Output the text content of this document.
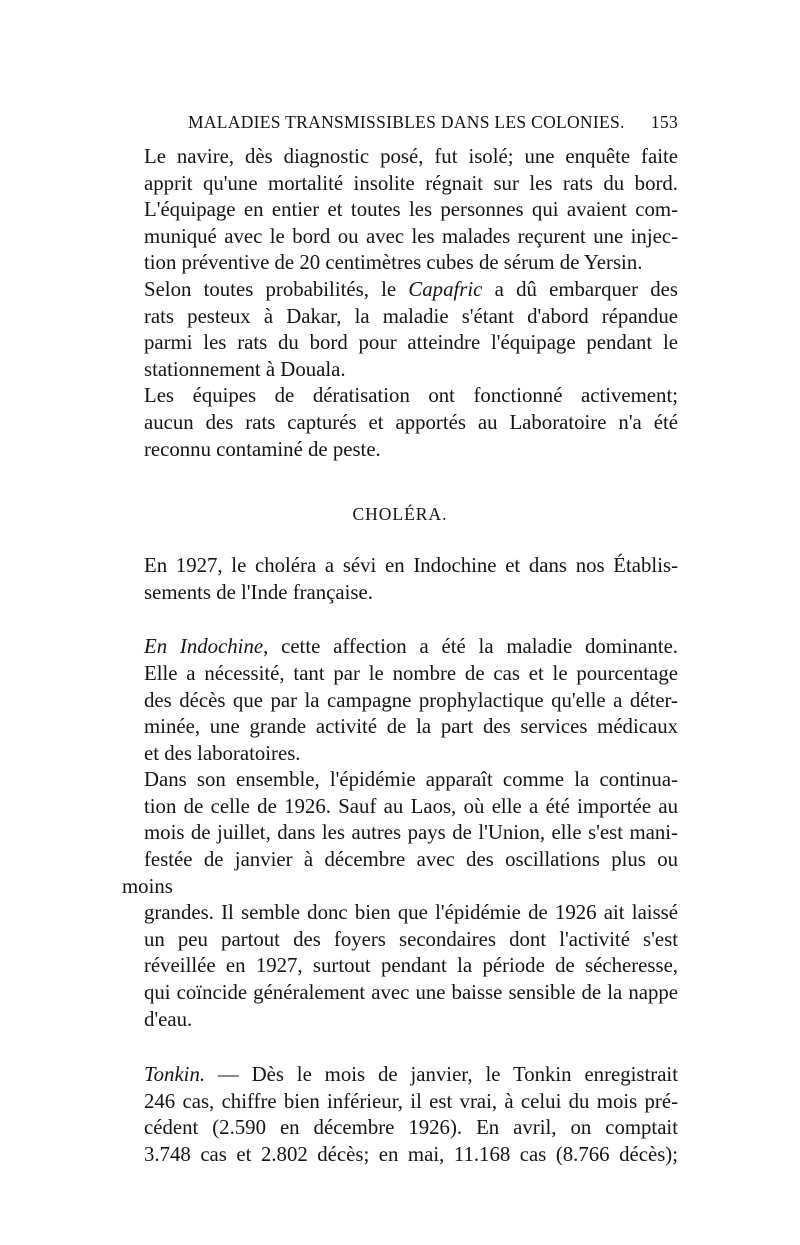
MALADIES TRANSMISSIBLES DANS LES COLONIES. 153

Le navire, dès diagnostic posé, fut isolé; une enquête faite
apprit qu'une mortalité insolite régnait sur les rats du bord.
L'équipage en entier et toutes les personnes qui avaient com-
muniqué avec le bord ou avec les malades reçurent une injec-
tion préventive de 20 centimètres cubes de sérum de Yersin.

Selon toutes probabilités, le Capafric a dû embarquer des
rats pesteux à Dakar, la maladie s'étant d'abord répandue
parmi les rats du bord pour atteindre l'équipage pendant le
stationnement à Douala.

Les équipes de dératisation ont fonctionné activement;
aucun des rats capturés et apportés au Laboratoire n'a été
reconnu contaminé de peste.

CHOLÉRA.

En 1927, le choléra a sévi en Indochine et dans nos Établis-
sements de l'Inde française.

En Indochine, cette affection a été la maladie dominante.
Elle a nécessité, tant par le nombre de cas et le pourcentage
des décès que par la campagne prophylactique qu'elle a déter-
minée, une grande activité de la part des services médicaux
et des laboratoires.

Dans son ensemble, l'épidémie apparaît comme la continua-
tion de celle de 1926. Sauf au Laos, où elle a été importée au
mois de juillet, dans les autres pays de l'Union, elle s'est mani-
festée de janvier à décembre avec des oscillations plus ou moins
grandes. Il semble donc bien que l'épidémie de 1926 ait laissé
un peu partout des foyers secondaires dont l'activité s'est
réveillée en 1927, surtout pendant la période de sécheresse,
qui coïncide généralement avec une baisse sensible de la nappe
d'eau.

Tonkin. — Dès le mois de janvier, le Tonkin enregistrait
246 cas, chiffre bien inférieur, il est vrai, à celui du mois pré-
cédent (2.590 en décembre 1926). En avril, on comptait
3.748 cas et 2.802 décès; en mai, 11.168 cas (8.766 décès);
